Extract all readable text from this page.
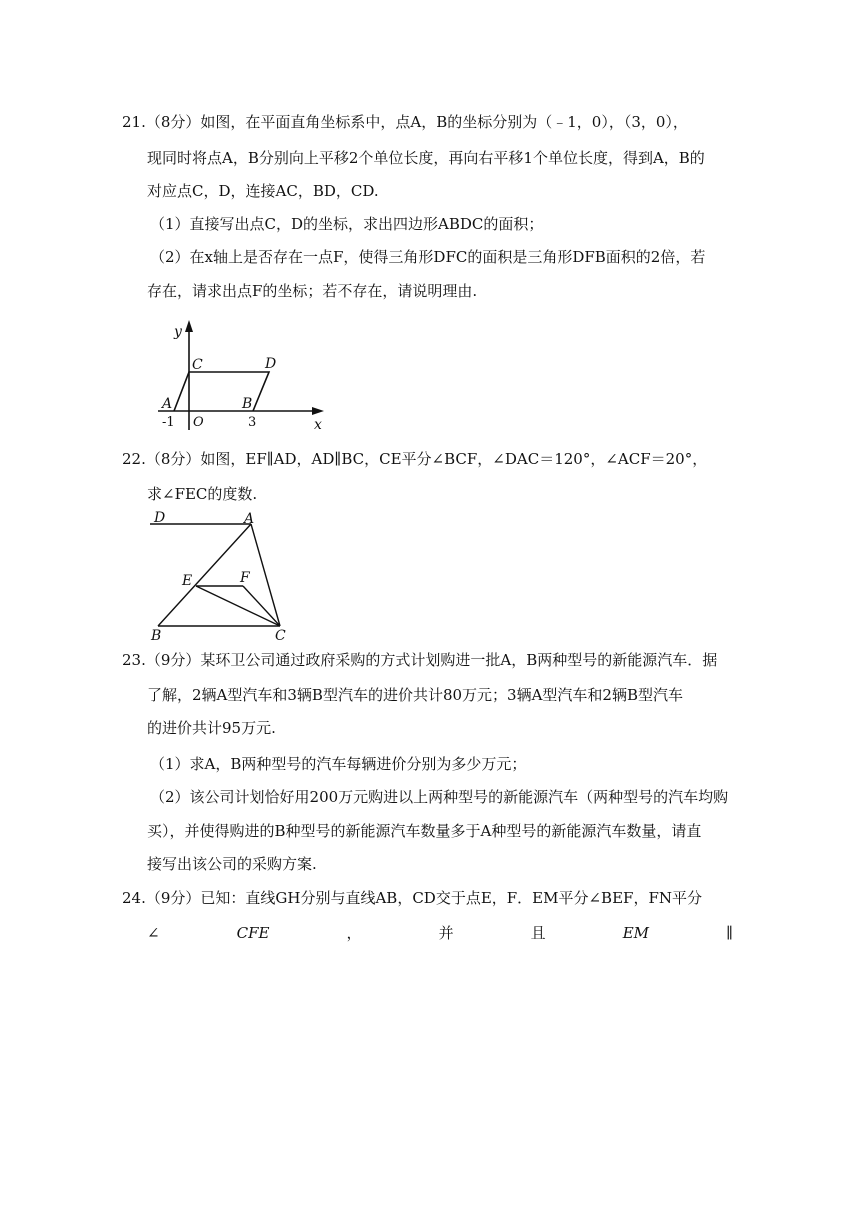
21.（8分）如图，在平面直角坐标系中，点A，B的坐标分别为（﹣1，0），（3，0），
现同时将点A，B分别向上平移2个单位长度，再向右平移1个单位长度，得到A，B的
对应点C，D，连接AC，BD，CD.
（1）直接写出点C，D的坐标，求出四边形ABDC的面积；
（2）在x轴上是否存在一点F，使得三角形DFC的面积是三角形DFB面积的2倍，若
存在，请求出点F的坐标；若不存在，请说明理由.
y
C	D
A	B
O
-1	3	x
22.（8分）如图，EF∥AD，AD∥BC，CE平分∠BCF，∠DAC＝120°，∠ACF＝20°，
求∠FEC的度数.
D	A
E	F
B	C
23.（9分）某环卫公司通过政府采购的方式计划购进一批A，B两种型号的新能源汽车．据
了解，2辆A型汽车和3辆B型汽车的进价共计80万元；3辆A型汽车和2辆B型汽车
的进价共计95万元.
（1）求A，B两种型号的汽车每辆进价分别为多少万元；
（2）该公司计划恰好用200万元购进以上两种型号的新能源汽车（两种型号的汽车均购
买），并使得购进的B种型号的新能源汽车数量多于A种型号的新能源汽车数量，请直
接写出该公司的采购方案.
24.（9分）已知：直线GH分别与直线AB，CD交于点E，F．EM平分∠BEF，FN平分
∠	CFE	，	并	且	EM	∥
